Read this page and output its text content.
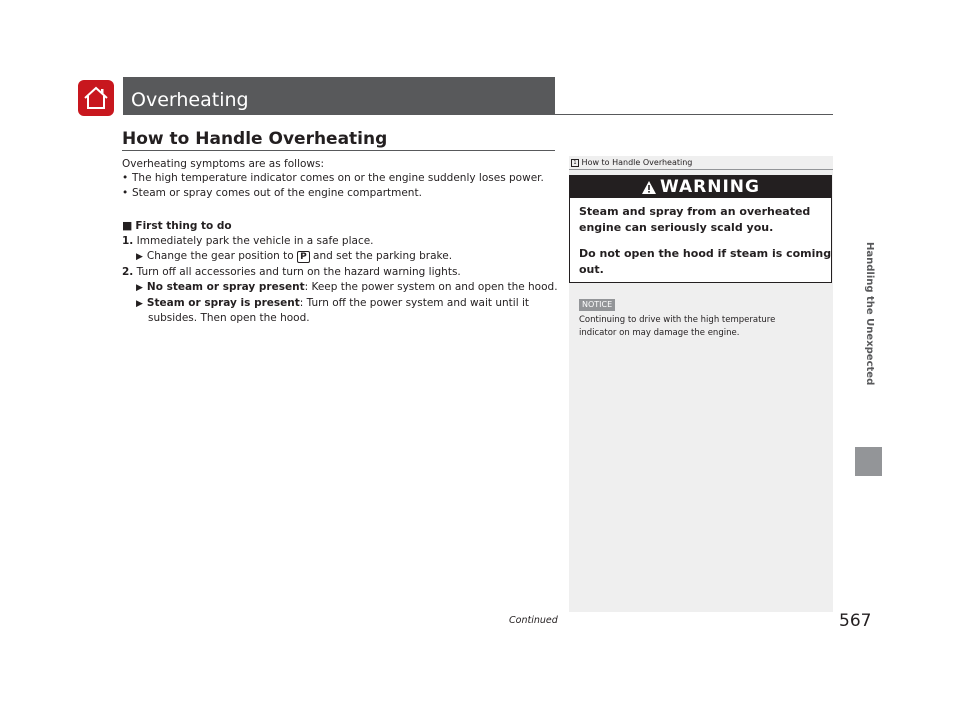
Overheating
How to Handle Overheating
Overheating symptoms are as follows:
• The high temperature indicator comes on or the engine suddenly loses power.
• Steam or spray comes out of the engine compartment.
■ First thing to do
1. Immediately park the vehicle in a safe place.
▶ Change the gear position to P and set the parking brake.
2. Turn off all accessories and turn on the hazard warning lights.
▶ No steam or spray present: Keep the power system on and open the hood.
▶ Steam or spray is present: Turn off the power system and wait until it
subsides. Then open the hood.
1 How to Handle Overheating
WARNING
Steam and spray from an overheated
engine can seriously scald you.
Do not open the hood if steam is coming
out.
NOTICE
Continuing to drive with the high temperature
indicator on may damage the engine.	Handling the Unexpected
Continued	567
